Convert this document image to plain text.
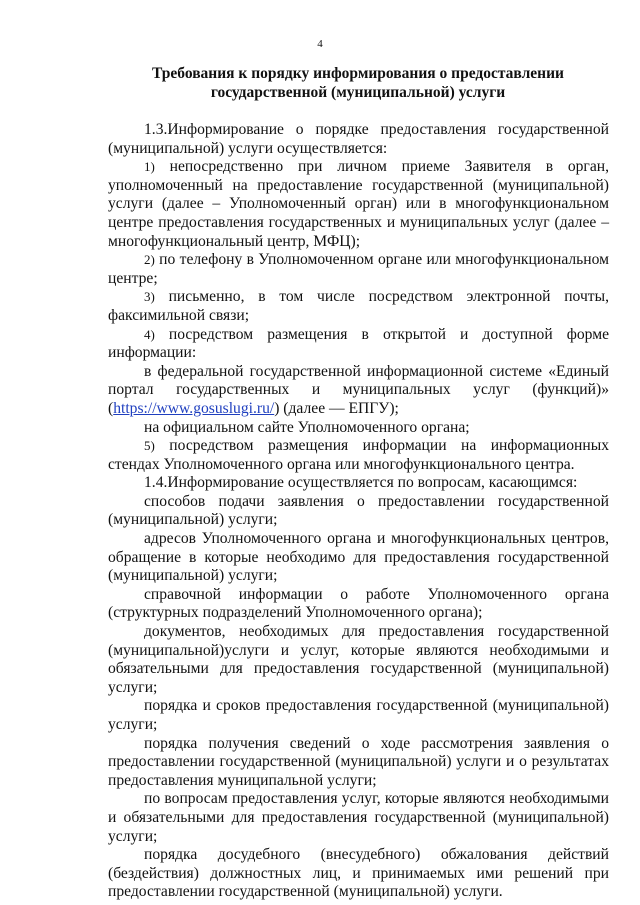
4
Требования к порядку информирования о предоставлении
государственной (муниципальной) услуги

1.3.Информирование о порядке предоставления государственной (муниципальной) услуги осуществляется:

1) непосредственно при личном приеме Заявителя в орган, уполномоченный на предоставление государственной (муниципальной) услуги (далее – Уполномоченный орган) или в многофункциональном центре предоставления государственных и муниципальных услуг (далее – многофункциональный центр, МФЦ);

2) по телефону в Уполномоченном органе или многофункциональном центре;

3) письменно, в том числе посредством электронной почты, факсимильной связи;

4) посредством размещения в открытой и доступной форме информации:

в федеральной государственной информационной системе «Единый портал государственных и муниципальных услуг (функций)» (https://www.gosuslugi.ru/) (далее — ЕПГУ);

на официальном сайте Уполномоченного органа;

5) посредством размещения информации на информационных стендах Уполномоченного органа или многофункционального центра.

1.4.Информирование осуществляется по вопросам, касающимся:

способов подачи заявления о предоставлении государственной (муниципальной) услуги;

адресов Уполномоченного органа и многофункциональных центров, обращение в которые необходимо для предоставления государственной (муниципальной) услуги;

справочной информации о работе Уполномоченного органа (структурных подразделений Уполномоченного органа);

документов, необходимых для предоставления государственной (муниципальной)услуги и услуг, которые являются необходимыми и обязательными для предоставления государственной (муниципальной) услуги;

порядка и сроков предоставления государственной (муниципальной) услуги;

порядка получения сведений о ходе рассмотрения заявления о предоставлении государственной (муниципальной) услуги и о результатах предоставления муниципальной услуги;

по вопросам предоставления услуг, которые являются необходимыми и обязательными для предоставления государственной (муниципальной) услуги;

порядка досудебного (внесудебного) обжалования действий (бездействия) должностных лиц, и принимаемых ими решений при предоставлении государственной (муниципальной) услуги.
